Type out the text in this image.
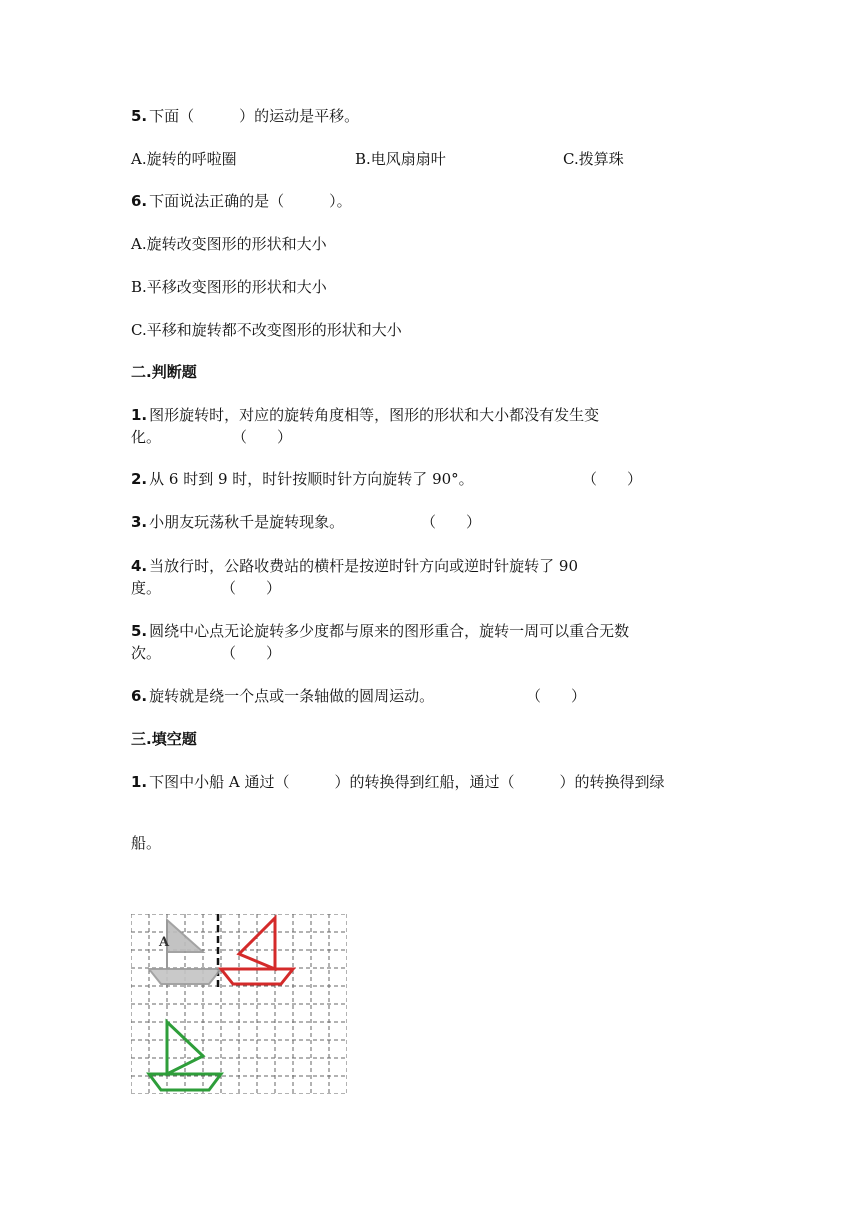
5. 下面（　　　）的运动是平移。
A.旋转的呼啦圈	B.电风扇扇叶	C.拨算珠
6. 下面说法正确的是（　　　）。
A.旋转改变图形的形状和大小
B.平移改变图形的形状和大小
C.平移和旋转都不改变图形的形状和大小
二.判断题
1. 图形旋转时，对应的旋转角度相等，图形的形状和大小都没有发生变
化。	（　　）
2. 从 6 时到 9 时，时针按顺时针方向旋转了 90°。	（　　）
3. 小朋友玩荡秋千是旋转现象。	（　　）
4. 当放行时，公路收费站的横杆是按逆时针方向或逆时针旋转了 90
度。	（　　）
5. 圆绕中心点无论旋转多少度都与原来的图形重合，旋转一周可以重合无数
次。	（　　）
6. 旋转就是绕一个点或一条轴做的圆周运动。	（　　）
三.填空题
1. 下图中小船 A 通过（　　　）的转换得到红船，通过（　　　）的转换得到绿
船。
A
